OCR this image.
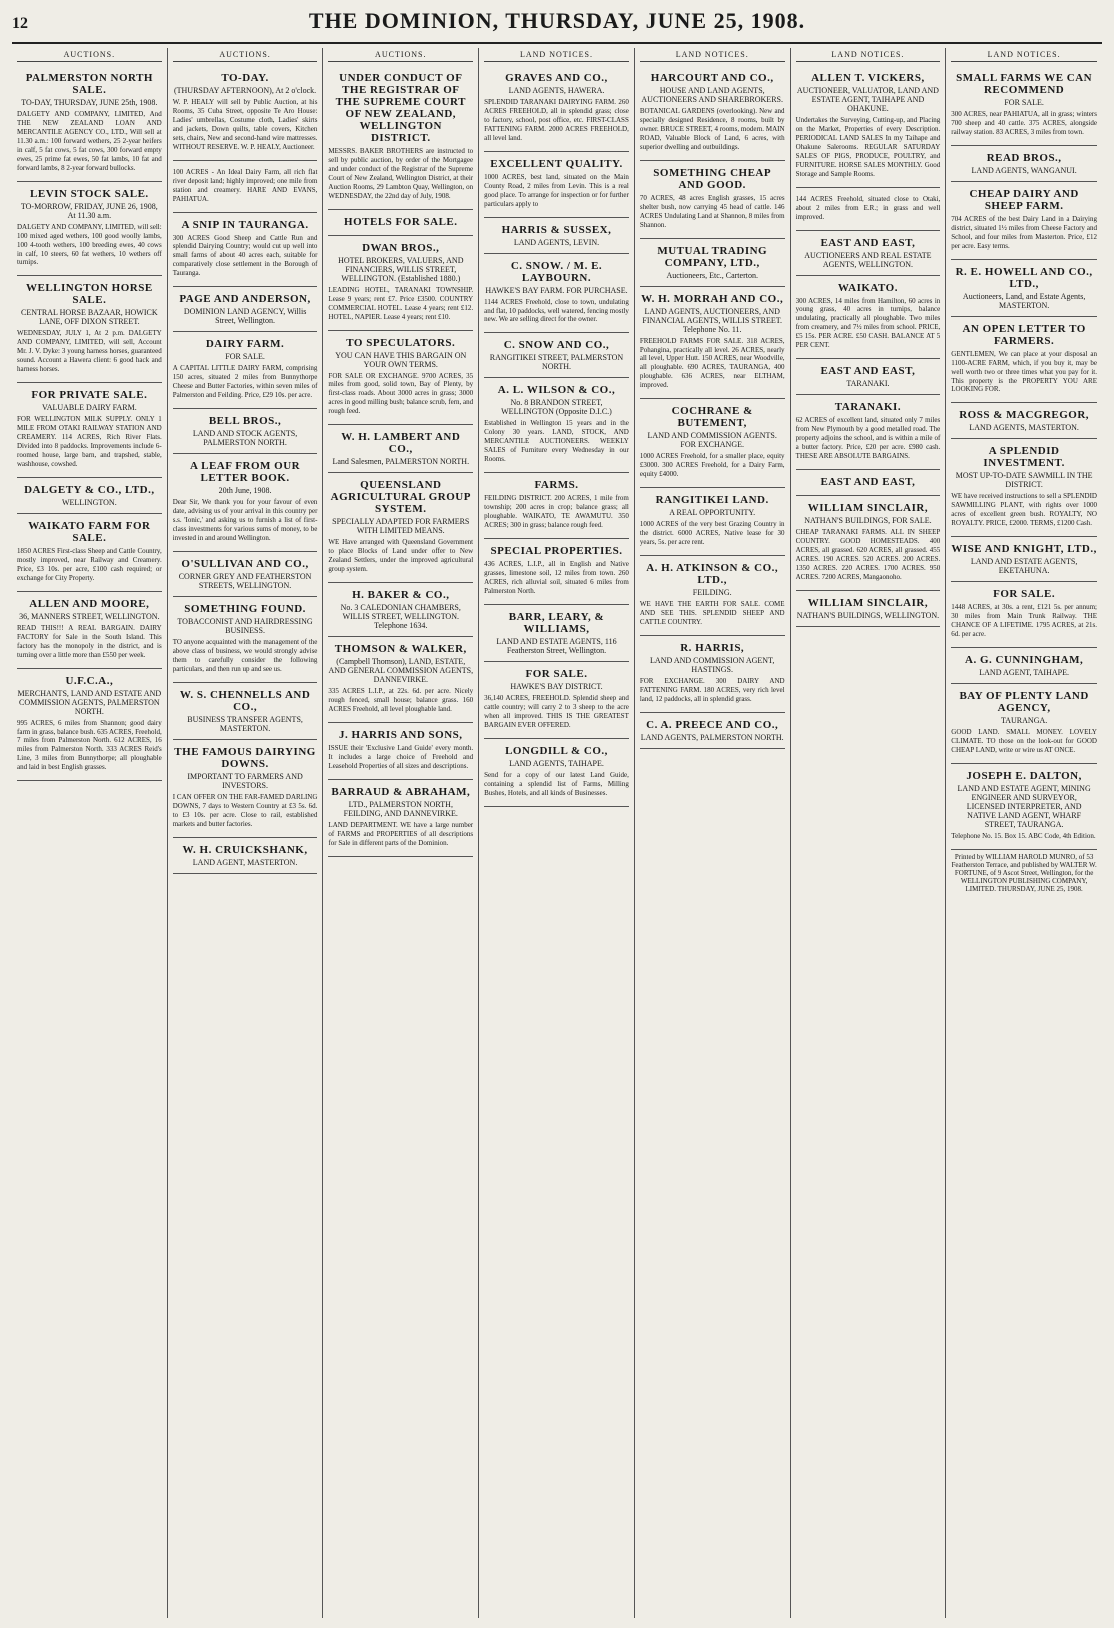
12	THE DOMINION, THURSDAY, JUNE 25, 1908.
AUCTIONS.
PALMERSTON NORTH SALE.
TO-DAY, THURSDAY, JUNE 25th, 1908.
DALGETY AND COMPANY, LIMITED, And THE NEW ZEALAND LOAN AND MERCANTILE AGENCY CO., LTD., Will sell at 11.30 a.m.: 100 forward wethers, 25 2-year heifers in calf, 5 fat cows, 5 fat cows, 300 forward empty ewes, 25 prime fat ewes, 50 fat lambs, 10 fat and forward lambs, 8 2-year forward bullocks.
LEVIN STOCK SALE.
TO-MORROW, FRIDAY, JUNE 26, 1908, At 11.30 a.m.
DALGETY AND COMPANY, LIMITED, will sell: 100 mixed aged wethers, 100 good woolly lambs, 100 4-tooth wethers, 100 breeding ewes, 40 cows in calf, 10 steers, 60 fat wethers, 10 wethers off turnips.
WELLINGTON HORSE SALE.
CENTRAL HORSE BAZAAR, HOWICK LANE, OFF DIXON STREET.
WEDNESDAY, JULY 1, At 2 p.m. DALGETY AND COMPANY, LIMITED, will sell, Account Mr. J. V. Dyke: 3 young harness horses, guaranteed sound. Account a Hawera client: 6 good hack and harness horses.
FOR PRIVATE SALE.
VALUABLE DAIRY FARM.
FOR WELLINGTON MILK SUPPLY. ONLY 1 MILE FROM OTAKI RAILWAY STATION AND CREAMERY. 114 ACRES, Rich River Flats. Divided into 8 paddocks. Improvements include 6-roomed house, large barn, and trapshed, stable, washhouse, cowshed.
DALGETY & CO., LTD.,
WELLINGTON.
WAIKATO FARM FOR SALE.
1850 ACRES First-class Sheep and Cattle Country, mostly improved, near Railway and Creamery. Price, £3 10s. per acre, £100 cash required; or exchange for City Property.
ALLEN AND MOORE,
36, MANNERS STREET, WELLINGTON.
READ THIS!!! A REAL BARGAIN. DAIRY FACTORY for Sale in the South Island. This factory has the monopoly in the district, and is turning over a little more than £550 per week.
U.F.C.A.,
MERCHANTS, LAND AND ESTATE AND COMMISSION AGENTS, PALMERSTON NORTH.
995 ACRES, 6 miles from Shannon; good dairy farm in grass, balance bush. 635 ACRES, Freehold, 7 miles from Palmerston North. 612 ACRES, 16 miles from Palmerston North. 333 ACRES Reid's Line, 3 miles from Bunnythorpe; all ploughable and laid in best English grasses.
AUCTIONS.
TO-DAY.
(THURSDAY AFTERNOON), At 2 o'clock.
W. P. HEALY will sell by Public Auction, at his Rooms, 35 Cuba Street, opposite Te Aro House: Ladies' umbrellas, Costume cloth, Ladies' skirts and jackets, Down quilts, table covers, Kitchen sets, chairs, New and second-hand wire mattresses. WITHOUT RESERVE. W. P. HEALY, Auctioneer.
100 ACRES - An Ideal Dairy Farm, all rich flat river deposit land; highly improved; one mile from station and creamery. HARE AND EVANS, PAHIATUA.
A SNIP IN TAURANGA.
300 ACRES Good Sheep and Cattle Run and splendid Dairying Country; would cut up well into small farms of about 40 acres each, suitable for comparatively close settlement in the Borough of Tauranga.
PAGE AND ANDERSON,
DOMINION LAND AGENCY, Willis Street, Wellington.
DAIRY FARM.
FOR SALE.
A CAPITAL LITTLE DAIRY FARM, comprising 150 acres, situated 2 miles from Bunnythorpe Cheese and Butter Factories, within seven miles of Palmerston and Feilding. Price, £29 10s. per acre.
BELL BROS.,
LAND AND STOCK AGENTS, PALMERSTON NORTH.
A LEAF FROM OUR LETTER BOOK.
20th June, 1908.
Dear Sir, We thank you for your favour of even date, advising us of your arrival in this country per s.s. 'Ionic,' and asking us to furnish a list of first-class investments for various sums of money, to be invested in and around Wellington.
O'SULLIVAN AND CO.,
CORNER GREY AND FEATHERSTON STREETS, WELLINGTON.
SOMETHING FOUND.
TOBACCONIST AND HAIRDRESSING BUSINESS.
TO anyone acquainted with the management of the above class of business, we would strongly advise them to carefully consider the following particulars, and then run up and see us.
W. S. CHENNELLS AND CO.,
BUSINESS TRANSFER AGENTS, MASTERTON.
THE FAMOUS DAIRYING DOWNS.
IMPORTANT TO FARMERS AND INVESTORS.
I CAN OFFER ON THE FAR-FAMED DARLING DOWNS, 7 days to Western Country at £3 5s. 6d. to £3 10s. per acre. Close to rail, established markets and butter factories.
W. H. CRUICKSHANK,
LAND AGENT, MASTERTON.
AUCTIONS.
UNDER CONDUCT OF THE REGISTRAR OF THE SUPREME COURT OF NEW ZEALAND, WELLINGTON DISTRICT.
MESSRS. BAKER BROTHERS are instructed to sell by public auction, by order of the Mortgagee and under conduct of the Registrar of the Supreme Court of New Zealand, Wellington District, at their Auction Rooms, 29 Lambton Quay, Wellington, on WEDNESDAY, the 22nd day of July, 1908.
HOTELS FOR SALE.
DWAN BROS.,
HOTEL BROKERS, VALUERS, AND FINANCIERS, WILLIS STREET, WELLINGTON. (Established 1880.)
LEADING HOTEL, TARANAKI TOWNSHIP. Lease 9 years; rent £7. Price £3500. COUNTRY COMMERCIAL HOTEL. Lease 4 years; rent £12. HOTEL, NAPIER. Lease 4 years; rent £10.
TO SPECULATORS.
YOU CAN HAVE THIS BARGAIN ON YOUR OWN TERMS.
FOR SALE OR EXCHANGE. 9700 ACRES, 35 miles from good, solid town, Bay of Plenty, by first-class roads. About 3000 acres in grass; 3000 acres in good milling bush; balance scrub, fern, and rough feed.
W. H. LAMBERT AND CO.,
Land Salesmen, PALMERSTON NORTH.
QUEENSLAND AGRICULTURAL GROUP SYSTEM.
SPECIALLY ADAPTED FOR FARMERS WITH LIMITED MEANS.
WE Have arranged with Queensland Government to place Blocks of Land under offer to New Zealand Settlers, under the improved agricultural group system.
H. BAKER & CO.,
No. 3 CALEDONIAN CHAMBERS, WILLIS STREET, WELLINGTON. Telephone 1634.
THOMSON & WALKER,
(Campbell Thomson), LAND, ESTATE, AND GENERAL COMMISSION AGENTS, DANNEVIRKE.
335 ACRES L.I.P., at 22s. 6d. per acre. Nicely rough fenced, small house; balance grass. 160 ACRES Freehold, all level ploughable land.
J. HARRIS AND SONS,
ISSUE their 'Exclusive Land Guide' every month. It includes a large choice of Freehold and Leasehold Properties of all sizes and descriptions.
BARRAUD & ABRAHAM,
LTD., PALMERSTON NORTH, FEILDING, AND DANNEVIRKE.
LAND DEPARTMENT. WE have a large number of FARMS and PROPERTIES of all descriptions for Sale in different parts of the Dominion.
LAND NOTICES.
GRAVES AND CO.,
LAND AGENTS, HAWERA.
SPLENDID TARANAKI DAIRYING FARM. 260 ACRES FREEHOLD, all in splendid grass; close to factory, school, post office, etc. FIRST-CLASS FATTENING FARM. 2000 ACRES FREEHOLD, all level land.
EXCELLENT QUALITY.
1000 ACRES, best land, situated on the Main County Road, 2 miles from Levin. This is a real good place. To arrange for inspection or for further particulars apply to
HARRIS & SUSSEX,
LAND AGENTS, LEVIN.
C. SNOW. / M. E. LAYBOURN.
HAWKE'S BAY FARM. FOR PURCHASE.
1144 ACRES Freehold, close to town, undulating and flat, 10 paddocks, well watered, fencing mostly new. We are selling direct for the owner.
C. SNOW AND CO.,
RANGITIKEI STREET, PALMERSTON NORTH.
A. L. WILSON & CO.,
No. 8 BRANDON STREET, WELLINGTON (Opposite D.I.C.)
Established in Wellington 15 years and in the Colony 30 years. LAND, STOCK, AND MERCANTILE AUCTIONEERS. WEEKLY SALES of Furniture every Wednesday in our Rooms.
FARMS.
FEILDING DISTRICT. 200 ACRES, 1 mile from township; 200 acres in crop; balance grass; all ploughable. WAIKATO, TE AWAMUTU. 350 ACRES; 300 in grass; balance rough feed.
SPECIAL PROPERTIES.
436 ACRES, L.I.P., all in English and Native grasses, limestone soil, 12 miles from town. 260 ACRES, rich alluvial soil, situated 6 miles from Palmerston North.
BARR, LEARY, & WILLIAMS,
LAND AND ESTATE AGENTS, 116 Featherston Street, Wellington.
FOR SALE.
HAWKE'S BAY DISTRICT.
36,140 ACRES, FREEHOLD. Splendid sheep and cattle country; will carry 2 to 3 sheep to the acre when all improved. THIS IS THE GREATEST BARGAIN EVER OFFERED.
LONGDILL & CO.,
LAND AGENTS, TAIHAPE.
Send for a copy of our latest Land Guide, containing a splendid list of Farms, Milling Bushes, Hotels, and all kinds of Businesses.
LAND NOTICES.
HARCOURT AND CO.,
HOUSE AND LAND AGENTS, AUCTIONEERS AND SHAREBROKERS.
BOTANICAL GARDENS (overlooking). New and specially designed Residence, 8 rooms, built by owner. BRUCE STREET, 4 rooms, modern. MAIN ROAD, Valuable Block of Land, 6 acres, with superior dwelling and outbuildings.
SOMETHING CHEAP AND GOOD.
70 ACRES, 48 acres English grasses, 15 acres shelter bush, now carrying 45 head of cattle. 146 ACRES Undulating Land at Shannon, 8 miles from Shannon.
MUTUAL TRADING COMPANY, LTD.,
Auctioneers, Etc., Carterton.
W. H. MORRAH AND CO.,
LAND AGENTS, AUCTIONEERS, AND FINANCIAL AGENTS, WILLIS STREET. Telephone No. 11.
FREEHOLD FARMS FOR SALE. 318 ACRES, Pohangina, practically all level. 26 ACRES, nearly all level, Upper Hutt. 150 ACRES, near Woodville, all ploughable. 690 ACRES, TAURANGA, 400 ploughable. 636 ACRES, near ELTHAM, improved.
COCHRANE & BUTEMENT,
LAND AND COMMISSION AGENTS. FOR EXCHANGE.
1000 ACRES Freehold, for a smaller place, equity £3000. 300 ACRES Freehold, for a Dairy Farm, equity £4000.
RANGITIKEI LAND.
A REAL OPPORTUNITY.
1000 ACRES of the very best Grazing Country in the district. 6000 ACRES, Native lease for 30 years, 5s. per acre rent.
A. H. ATKINSON & CO., LTD.,
FEILDING.
WE HAVE THE EARTH FOR SALE. COME AND SEE THIS. SPLENDID SHEEP AND CATTLE COUNTRY.
R. HARRIS,
LAND AND COMMISSION AGENT, HASTINGS.
FOR EXCHANGE. 300 DAIRY AND FATTENING FARM. 180 ACRES, very rich level land, 12 paddocks, all in splendid grass.
C. A. PREECE AND CO.,
LAND AGENTS, PALMERSTON NORTH.
LAND NOTICES.
ALLEN T. VICKERS,
AUCTIONEER, VALUATOR, LAND AND ESTATE AGENT, TAIHAPE AND OHAKUNE.
Undertakes the Surveying, Cutting-up, and Placing on the Market, Properties of every Description. PERIODICAL LAND SALES In my Taihape and Ohakune Salerooms. REGULAR SATURDAY SALES OF PIGS, PRODUCE, POULTRY, and FURNITURE. HORSE SALES MONTHLY. Good Storage and Sample Rooms.
144 ACRES Freehold, situated close to Otaki, about 2 miles from E.R.; in grass and well improved.
EAST AND EAST,
AUCTIONEERS AND REAL ESTATE AGENTS, WELLINGTON.
WAIKATO.
300 ACRES, 14 miles from Hamilton, 60 acres in young grass, 40 acres in turnips, balance undulating, practically all ploughable. Two miles from creamery, and 7½ miles from school. PRICE, £5 15s. PER ACRE. £50 CASH. BALANCE AT 5 PER CENT.
EAST AND EAST,
TARANAKI.
TARANAKI.
62 ACRES of excellent land, situated only 7 miles from New Plymouth by a good metalled road. The property adjoins the school, and is within a mile of a butter factory. Price, £20 per acre. £980 cash. THESE ARE ABSOLUTE BARGAINS.
EAST AND EAST,
WILLIAM SINCLAIR,
NATHAN'S BUILDINGS, FOR SALE.
CHEAP TARANAKI FARMS. ALL IN SHEEP COUNTRY. GOOD HOMESTEADS. 400 ACRES, all grassed. 620 ACRES, all grassed. 455 ACRES. 190 ACRES. 520 ACRES. 200 ACRES. 1350 ACRES. 220 ACRES. 1700 ACRES. 950 ACRES. 7200 ACRES, Mangaonoho.
WILLIAM SINCLAIR,
NATHAN'S BUILDINGS, WELLINGTON.
LAND NOTICES.
SMALL FARMS WE CAN RECOMMEND
FOR SALE.
300 ACRES, near PAHIATUA, all in grass; winters 700 sheep and 40 cattle. 375 ACRES, alongside railway station. 83 ACRES, 3 miles from town.
READ BROS.,
LAND AGENTS, WANGANUI.
CHEAP DAIRY AND SHEEP FARM.
704 ACRES of the best Dairy Land in a Dairying district, situated 1½ miles from Cheese Factory and School, and four miles from Masterton. Price, £12 per acre. Easy terms.
R. E. HOWELL AND CO., LTD.,
Auctioneers, Land, and Estate Agents, MASTERTON.
AN OPEN LETTER TO FARMERS.
GENTLEMEN, We can place at your disposal an 1100-ACRE FARM, which, if you buy it, may be well worth two or three times what you pay for it. This property is the PROPERTY YOU ARE LOOKING FOR.
ROSS & MACGREGOR,
LAND AGENTS, MASTERTON.
A SPLENDID INVESTMENT.
MOST UP-TO-DATE SAWMILL IN THE DISTRICT.
WE have received instructions to sell a SPLENDID SAWMILLING PLANT, with rights over 1000 acres of excellent green bush. ROYALTY, NO ROYALTY. PRICE, £2000. TERMS, £1200 Cash.
WISE AND KNIGHT, LTD.,
LAND AND ESTATE AGENTS, EKETAHUNA.
FOR SALE.
1448 ACRES, at 30s. a rent, £121 5s. per annum; 30 miles from Main Trunk Railway. THE CHANCE OF A LIFETIME. 1795 ACRES, at 21s. 6d. per acre.
A. G. CUNNINGHAM,
LAND AGENT, TAIHAPE.
BAY OF PLENTY LAND AGENCY,
TAURANGA.
GOOD LAND. SMALL MONEY. LOVELY CLIMATE. TO those on the look-out for GOOD CHEAP LAND, write or wire us AT ONCE.
JOSEPH E. DALTON,
LAND AND ESTATE AGENT, MINING ENGINEER AND SURVEYOR, LICENSED INTERPRETER, AND NATIVE LAND AGENT, WHARF STREET, TAURANGA.
Telephone No. 15. Box 15. ABC Code, 4th Edition.
Printed by WILLIAM HAROLD MUNRO, of 53 Featherston Terrace, and published by WALTER W. FORTUNE, of 9 Ascot Street, Wellington, for the WELLINGTON PUBLISHING COMPANY, LIMITED. THURSDAY, JUNE 25, 1908.
